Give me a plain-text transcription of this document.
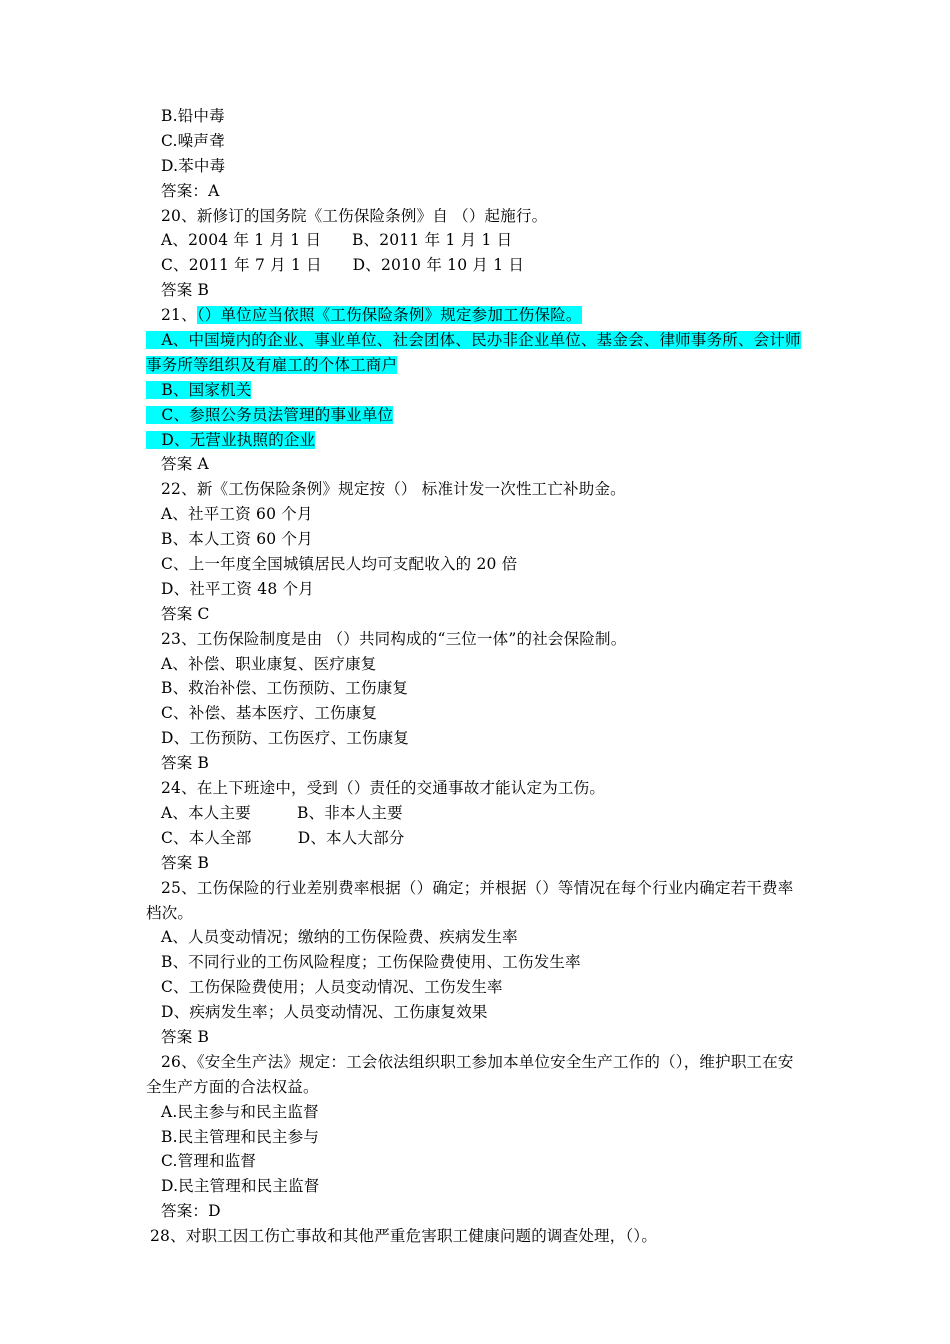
B.铅中毒
C.噪声聋
D.苯中毒
答案：A
20、新修订的国务院《工伤保险条例》自 （）起施行。
A、2004 年 1 月 1 日      B、2011 年 1 月 1 日
C、2011 年 7 月 1 日      D、2010 年 10 月 1 日
答案 B
21、（）单位应当依照《工伤保险条例》规定参加工伤保险。
A、中国境内的企业、事业单位、社会团体、民办非企业单位、基金会、律师事务所、会计师
事务所等组织及有雇工的个体工商户
B、国家机关
C、参照公务员法管理的事业单位
D、无营业执照的企业
答案 A
22、新《工伤保险条例》规定按（） 标准计发一次性工亡补助金。
A、社平工资 60 个月
B、本人工资 60 个月
C、上一年度全国城镇居民人均可支配收入的 20 倍
D、社平工资 48 个月
答案 C
23、工伤保险制度是由 （）共同构成的“三位一体”的社会保险制。
A、补偿、职业康复、医疗康复
B、救治补偿、工伤预防、工伤康复
C、补偿、基本医疗、工伤康复
D、工伤预防、工伤医疗、工伤康复
答案 B
24、在上下班途中，受到（）责任的交通事故才能认定为工伤。
A、本人主要         B、非本人主要
C、本人全部         D、本人大部分
答案 B
25、工伤保险的行业差别费率根据（）确定；并根据（）等情况在每个行业内确定若干费率
档次。
A、人员变动情况；缴纳的工伤保险费、疾病发生率
B、不同行业的工伤风险程度；工伤保险费使用、工伤发生率
C、工伤保险费使用；人员变动情况、工伤发生率
D、疾病发生率；人员变动情况、工伤康复效果
答案 B
26、《安全生产法》规定：工会依法组织职工参加本单位安全生产工作的（），维护职工在安
全生产方面的合法权益。
A.民主参与和民主监督
B.民主管理和民主参与
C.管理和监督
D.民主管理和民主监督
答案：D
28、对职工因工伤亡事故和其他严重危害职工健康问题的调查处理，（）。
